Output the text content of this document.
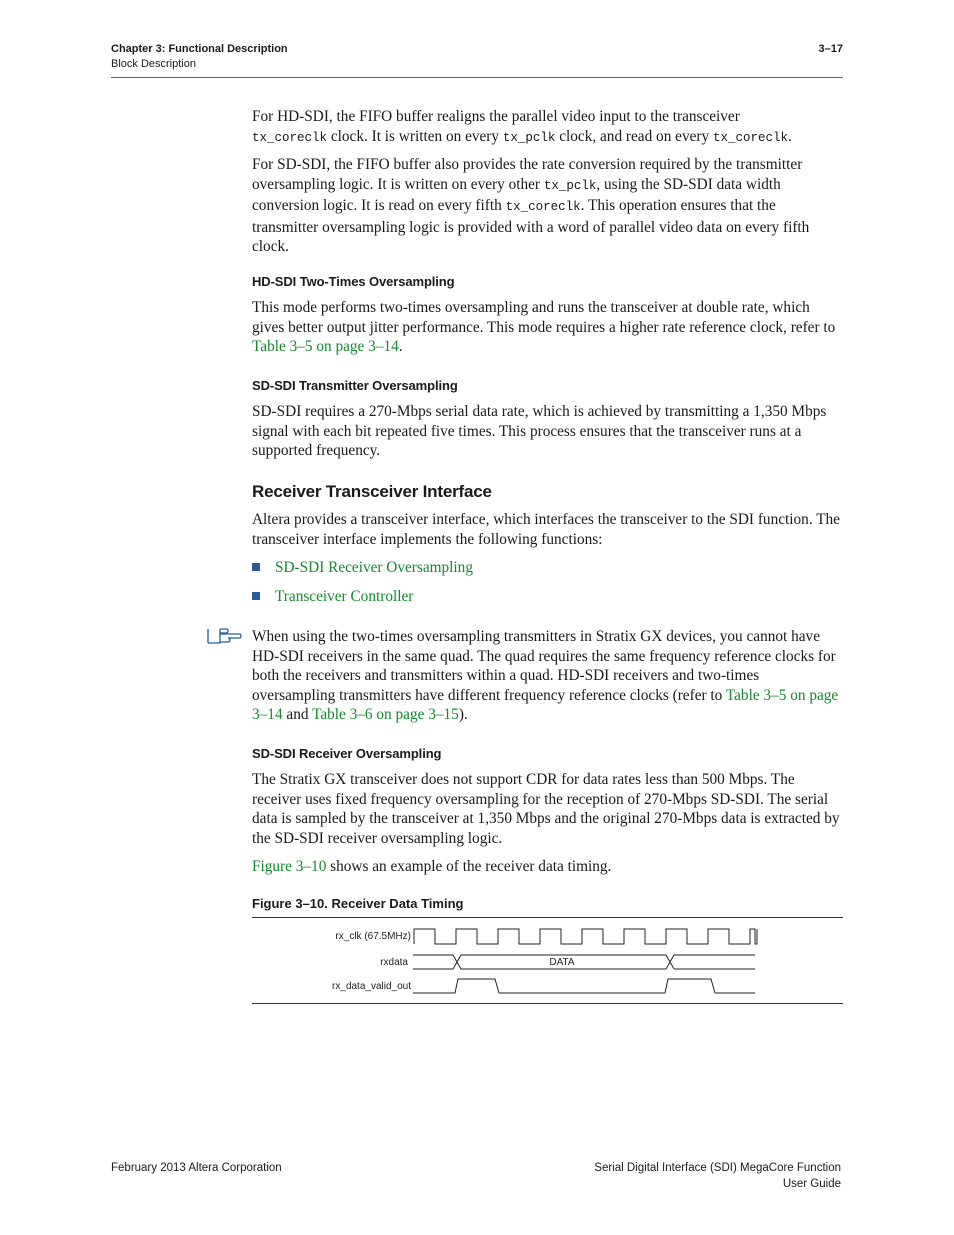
Chapter 3: Functional Description
Block Description
3–17

For HD-SDI, the FIFO buffer realigns the parallel video input to the transceiver
tx_coreclk clock. It is written on every tx_pclk clock, and read on every tx_coreclk.

For SD-SDI, the FIFO buffer also provides the rate conversion required by the transmitter oversampling logic. It is written on every other tx_pclk, using the SD-SDI data width conversion logic. It is read on every fifth tx_coreclk. This operation ensures that the transmitter oversampling logic is provided with a word of parallel video data on every fifth clock.

HD-SDI Two-Times Oversampling

This mode performs two-times oversampling and runs the transceiver at double rate, which gives better output jitter performance. This mode requires a higher rate reference clock, refer to Table 3–5 on page 3–14.

SD-SDI Transmitter Oversampling
SD-SDI requires a 270-Mbps serial data rate, which is achieved by transmitting a 1,350 Mbps signal with each bit repeated five times. This process ensures that the transceiver runs at a supported frequency.
Receiver Transceiver Interface
Altera provides a transceiver interface, which interfaces the transceiver to the SDI function. The transceiver interface implements the following functions:
SD-SDI Receiver Oversampling
Transceiver Controller

When using the two-times oversampling transmitters in Stratix GX devices, you cannot have HD-SDI receivers in the same quad. The quad requires the same frequency reference clocks for both the receivers and transmitters within a quad. HD-SDI receivers and two-times oversampling transmitters have different frequency reference clocks (refer to Table 3–5 on page 3–14 and Table 3–6 on page 3–15).

SD-SDI Receiver Oversampling
The Stratix GX transceiver does not support CDR for data rates less than 500 Mbps. The receiver uses fixed frequency oversampling for the reception of 270-Mbps SD-SDI. The serial data is sampled by the transceiver at 1,350 Mbps and the original 270-Mbps data is extracted by the SD-SDI receiver oversampling logic.

Figure 3–10 shows an example of the receiver data timing.

Figure 3–10. Receiver Data Timing
rx_clk (67.5MHz)
rxdata
rx_data_valid_out
DATA
February 2013 Altera Corporation	Serial Digital Interface (SDI) MegaCore Function
User Guide
